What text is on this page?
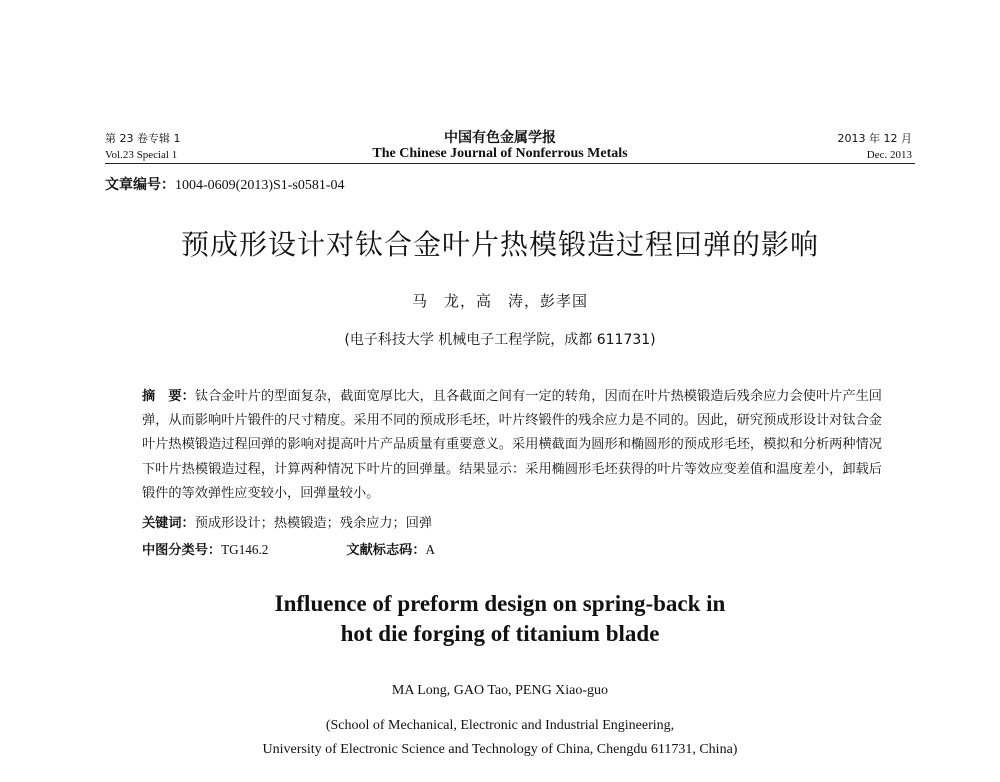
第 23 卷专辑 1
Vol.23 Special 1
中国有色金属学报
The Chinese Journal of Nonferrous Metals
2013 年 12 月
Dec. 2013
文章编号：1004-0609(2013)S1-s0581-04
预成形设计对钛合金叶片热模锻造过程回弹的影响
马　龙，高　涛，彭孝国
(电子科技大学 机械电子工程学院，成都 611731)
摘　要：钛合金叶片的型面复杂，截面宽厚比大，且各截面之间有一定的转角，因而在叶片热模锻造后残余应力会使叶片产生回弹，从而影响叶片锻件的尺寸精度。采用不同的预成形毛坯，叶片终锻件的残余应力是不同的。因此，研究预成形设计对钛合金叶片热模锻造过程回弹的影响对提高叶片产品质量有重要意义。采用横截面为圆形和椭圆形的预成形毛坯，模拟和分析两种情况下叶片热模锻造过程，计算两种情况下叶片的回弹量。结果显示：采用椭圆形毛坯获得的叶片等效应变差值和温度差小，卸载后锻件的等效弹性应变较小，回弹量较小。
关键词：预成形设计；热模锻造；残余应力；回弹
中图分类号：TG146.2	文献标志码：A
Influence of preform design on spring-back in
hot die forging of titanium blade
MA Long, GAO Tao, PENG Xiao-guo
(School of Mechanical, Electronic and Industrial Engineering,
University of Electronic Science and Technology of China, Chengdu 611731, China)
